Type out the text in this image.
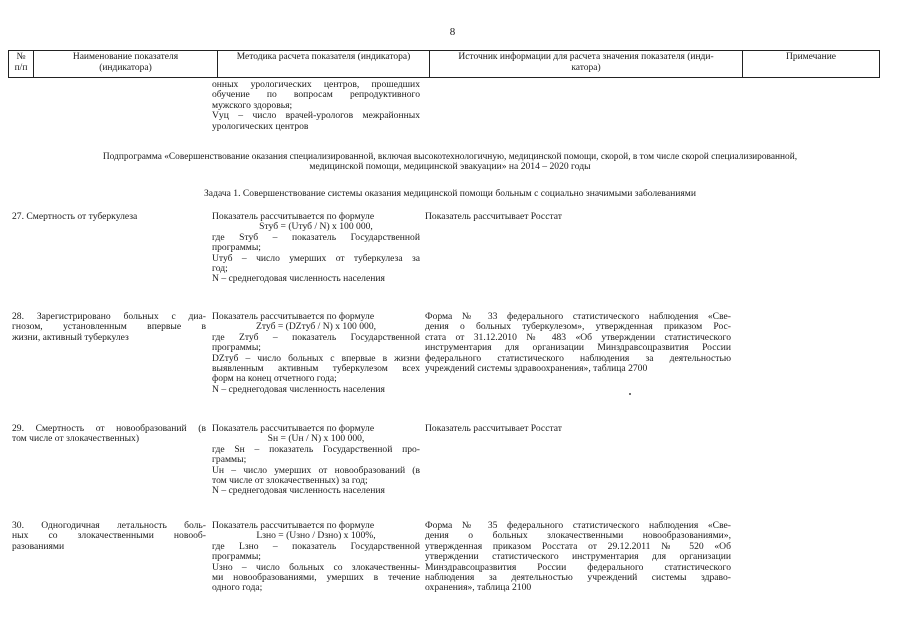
8
№
п/п
Наименование показателя
(индикатора)
Методика расчета показателя (индикатора)	Источник информации для расчета значения показателя (инди-
катора)
Примечание
онных урологических центров, прошедших
обучение по вопросам репродуктивного
мужского здоровья;
Vуц – число врачей-урологов межрайонных
урологических центров
Подпрограмма «Совершенствование оказания специализированной, включая высокотехнологичную, медицинской помощи, скорой, в том числе скорой специализированной,
медицинской помощи, медицинской эвакуации» на 2014 – 2020 годы
Задача 1. Совершенствование системы оказания медицинской помощи больным с социально значимыми заболеваниями
27. Смертность от туберкулеза	Показатель рассчитывается по формуле
Sтуб = (Uтуб / N) х 100 000,
где Sтуб – показатель Государственной
программы;
Uтуб – число умерших от туберкулеза за
год;
N – среднегодовая численность населения
Показатель рассчитывает Росстат
28. Зарегистрировано больных с диа-
гнозом, установленным впервые в
жизни, активный туберкулез
Показатель рассчитывается по формуле
Zтуб = (DZтуб / N) х 100 000,
где Zтуб – показатель Государственной
программы;
DZтуб – число больных с впервые в жизни
выявленным активным туберкулезом всех
форм на конец отчетного года;
N – среднегодовая численность населения
Форма № 33 федерального статистического наблюдения «Све-
дения о больных туберкулезом», утвержденная приказом Рос-
стата от 31.12.2010 № 483 «Об утверждении статистического
инструментария для организации Минздравсоцразвития России
федерального статистического наблюдения за деятельностью
учреждений системы здравоохранения», таблица 2700
29. Смертность от новообразований (в
том числе от злокачественных)
Показатель рассчитывается по формуле
Sн = (Uн / N) х 100 000,
где Sн – показатель Государственной про-
граммы;
Uн – число умерших от новообразований (в
том числе от злокачественных) за год;
N – среднегодовая численность населения
Показатель рассчитывает Росстат
30. Одногодичная летальность боль-
ных со злокачественными новооб-
разованиями
Показатель рассчитывается по формуле
Lзно = (Uзно / Dзно) х 100%,
где Lзно – показатель Государственной
программы;
Uзно – число больных со злокачественны-
ми новообразованиями, умерших в течение
одного года;
Форма № 35 федерального статистического наблюдения «Све-
дения о больных злокачественными новообразованиями»,
утвержденная приказом Росстата от 29.12.2011 № 520 «Об
утверждении статистического инструментария для организации
Минздравсоцразвития России федерального статистического
наблюдения за деятельностью учреждений системы здраво-
охранения», таблица 2100
